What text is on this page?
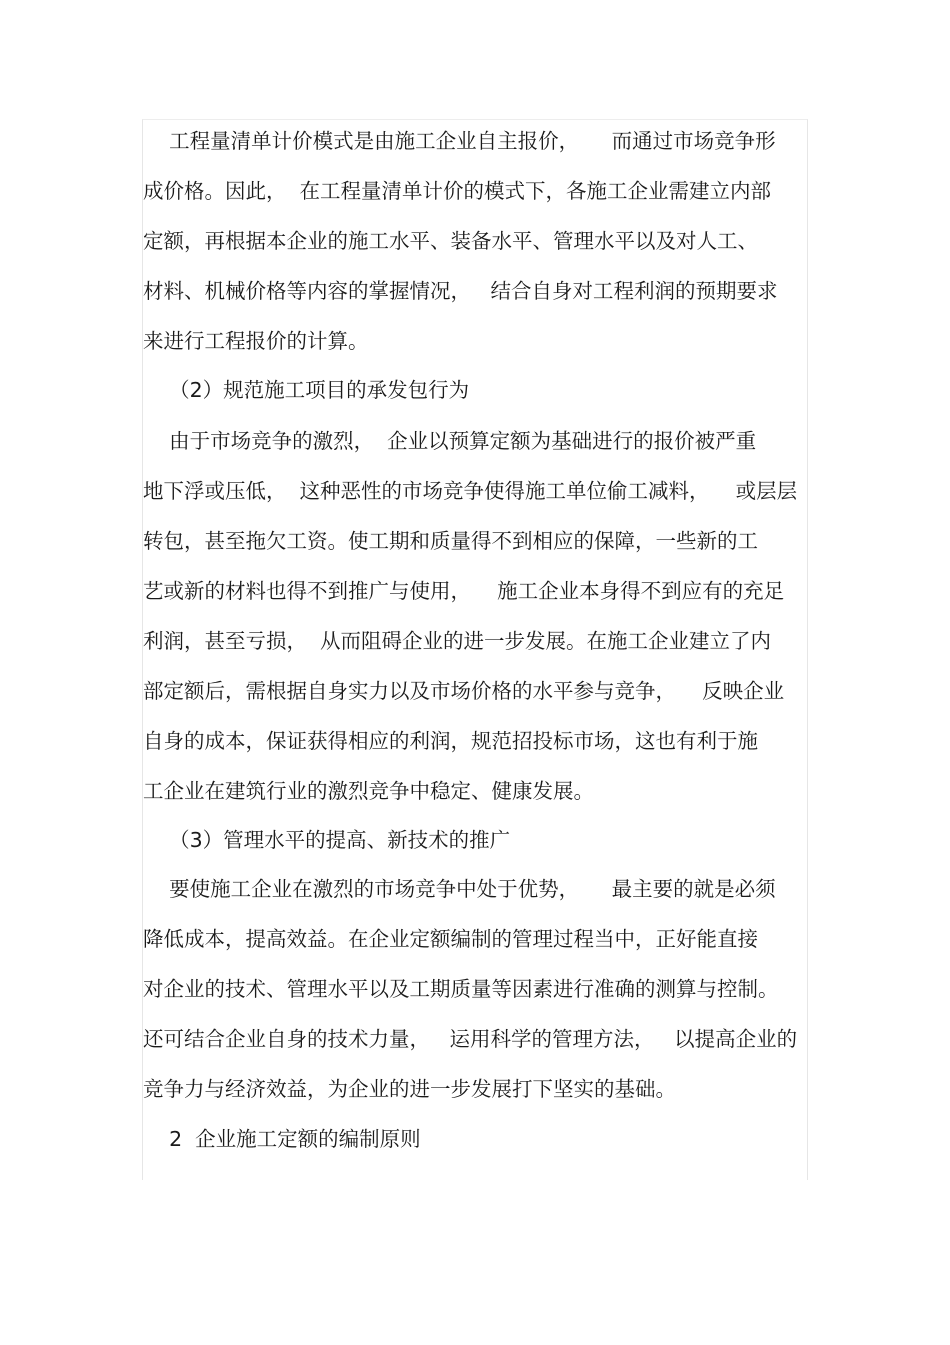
工程量清单计价模式是由施工企业自主报价，     而通过市场竞争形
成价格。因此，  在工程量清单计价的模式下，各施工企业需建立内部
定额，再根据本企业的施工水平、装备水平、管理水平以及对人工、
材料、机械价格等内容的掌握情况，   结合自身对工程利润的预期要求
来进行工程报价的计算。
（2）规范施工项目的承发包行为
由于市场竞争的激烈，  企业以预算定额为基础进行的报价被严重
地下浮或压低，  这种恶性的市场竞争使得施工单位偷工减料，    或层层
转包，甚至拖欠工资。使工期和质量得不到相应的保障，一些新的工
艺或新的材料也得不到推广与使用，    施工企业本身得不到应有的充足
利润，甚至亏损，  从而阻碍企业的进一步发展。在施工企业建立了内
部定额后，需根据自身实力以及市场价格的水平参与竞争，    反映企业
自身的成本，保证获得相应的利润，规范招投标市场，这也有利于施
工企业在建筑行业的激烈竞争中稳定、健康发展。
（3）管理水平的提高、新技术的推广
要使施工企业在激烈的市场竞争中处于优势，     最主要的就是必须
降低成本，提高效益。在企业定额编制的管理过程当中，正好能直接
对企业的技术、管理水平以及工期质量等因素进行准确的测算与控制。
还可结合企业自身的技术力量，   运用科学的管理方法，   以提高企业的
竞争力与经济效益，为企业的进一步发展打下坚实的基础。
2  企业施工定额的编制原则
